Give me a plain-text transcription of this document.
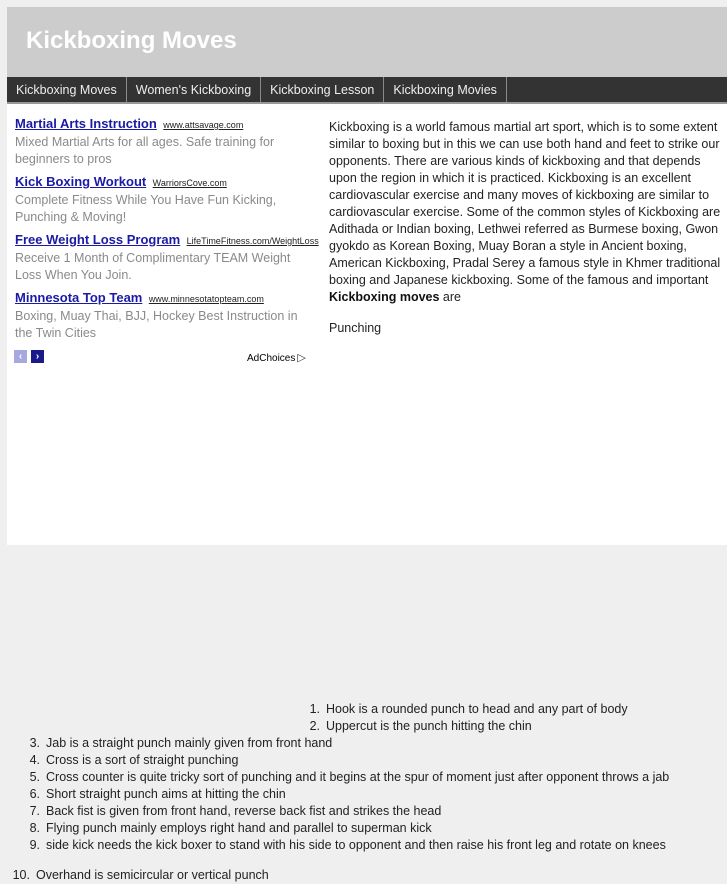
Kickboxing Moves
Kickboxing Moves	Women's Kickboxing	Kickboxing Lesson	Kickboxing Movies
Martial Arts Instruction www.attsavage.com
Mixed Martial Arts for all ages. Safe training for beginners to pros
Kick Boxing Workout WarriorsCove.com
Complete Fitness While You Have Fun Kicking, Punching & Moving!
Free Weight Loss Program LifeTimeFitness.com/WeightLoss
Receive 1 Month of Complimentary TEAM Weight Loss When You Join.
Minnesota Top Team www.minnesotatopteam.com
Boxing, Muay Thai, BJJ, Hockey Best Instruction in the Twin Cities
‹	›	AdChoices ▷
Kickboxing is a world famous martial art sport, which is to some extent similar to boxing but in this we can use both hand and feet to strike our opponents. There are various kinds of kickboxing and that depends upon the region in which it is practiced. Kickboxing is an excellent cardiovascular exercise and many moves of kickboxing are similar to cardiovascular exercise. Some of the common styles of Kickboxing are Adithada or Indian boxing, Lethwei referred as Burmese boxing, Gwon gyokdo as Korean Boxing, Muay Boran a style in Ancient boxing, American Kickboxing, Pradal Serey a famous style in Khmer traditional boxing and Japanese kickboxing. Some of the famous and important Kickboxing moves are
Punching
1. Hook is a rounded punch to head and any part of body
2. Uppercut is the punch hitting the chin
3. Jab is a straight punch mainly given from front hand
4. Cross is a sort of straight punching
5. Cross counter is quite tricky sort of punching and it begins at the spur of moment just after opponent throws a jab
6. Short straight punch aims at hitting the chin
7. Back fist is given from front hand, reverse back fist and strikes the head
8. Flying punch mainly employs right hand and parallel to superman kick
9. side kick needs the kick boxer to stand with his side to opponent and then raise his front leg and rotate on knees
10. Overhand is semicircular or vertical punch
